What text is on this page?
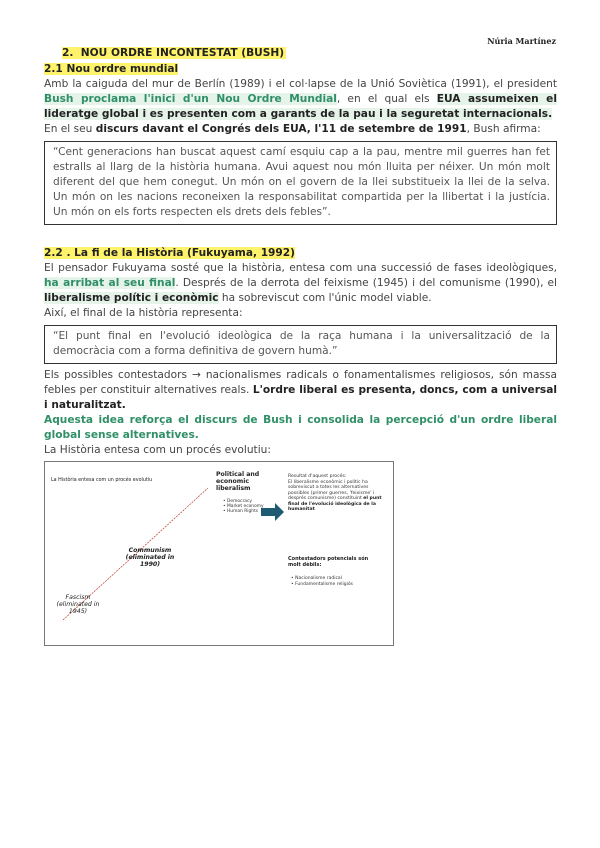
Núria Martínez
2. NOU ORDRE INCONTESTAT (BUSH)
2.1 Nou ordre mundial

Amb la caiguda del mur de Berlín (1989) i el col·lapse de la Unió Soviètica (1991), el president Bush proclama l'inici d'un Nou Ordre Mundial, en el qual els EUA assumeixen el lideratge global i es presenten com a garants de la pau i la seguretat internacionals.

En el seu discurs davant el Congrés dels EUA, l'11 de setembre de 1991, Bush afirma:

“Cent generacions han buscat aquest camí esquiu cap a la pau, mentre mil guerres han fet estralls al llarg de la història humana. Avui aquest nou món lluita per néixer. Un món molt diferent del que hem conegut. Un món on el govern de la llei substitueix la llei de la selva. Un món on les nacions reconeixen la responsabilitat compartida per la llibertat i la justícia. Un món on els forts respecten els drets dels febles”.
2.2 . La fi de la Història (Fukuyama, 1992)

El pensador Fukuyama sosté que la història, entesa com una successió de fases ideològiques, ha arribat al seu final. Després de la derrota del feixisme (1945) i del comunisme (1990), el liberalisme polític i econòmic ha sobreviscut com l'únic model viable.

Així, el final de la història representa:

“El punt final en l'evolució ideològica de la raça humana i la universalització de la democràcia com a forma definitiva de govern humà.”

Els possibles contestadors → nacionalismes radicals o fonamentalismes religiosos, són massa febles per constituir alternatives reals. L'ordre liberal es presenta, doncs, com a universal i naturalitzat.

Aquesta idea reforça el discurs de Bush i consolida la percepció d'un ordre liberal global sense alternatives.

La Història entesa com un procés evolutiu:

La Història entesa com un procés evolutiu
Political and economic liberalism
• Democracy
• Market economy
• Human Rights
Communism (eliminated in 1990)
Fascism (eliminated in 1945)
Resultat d'aquest procés:
El liberalisme econòmic i polític ha sobreviscut a totes les alternatives possibles (primer guerres, 'feixisme' i després comunisme) constituint el punt final de l'evolució ideològica de la humanitat
Contestadors potencials són molt dèbils:
• Nacionalisme radical
• Fundamentalisme religiós
